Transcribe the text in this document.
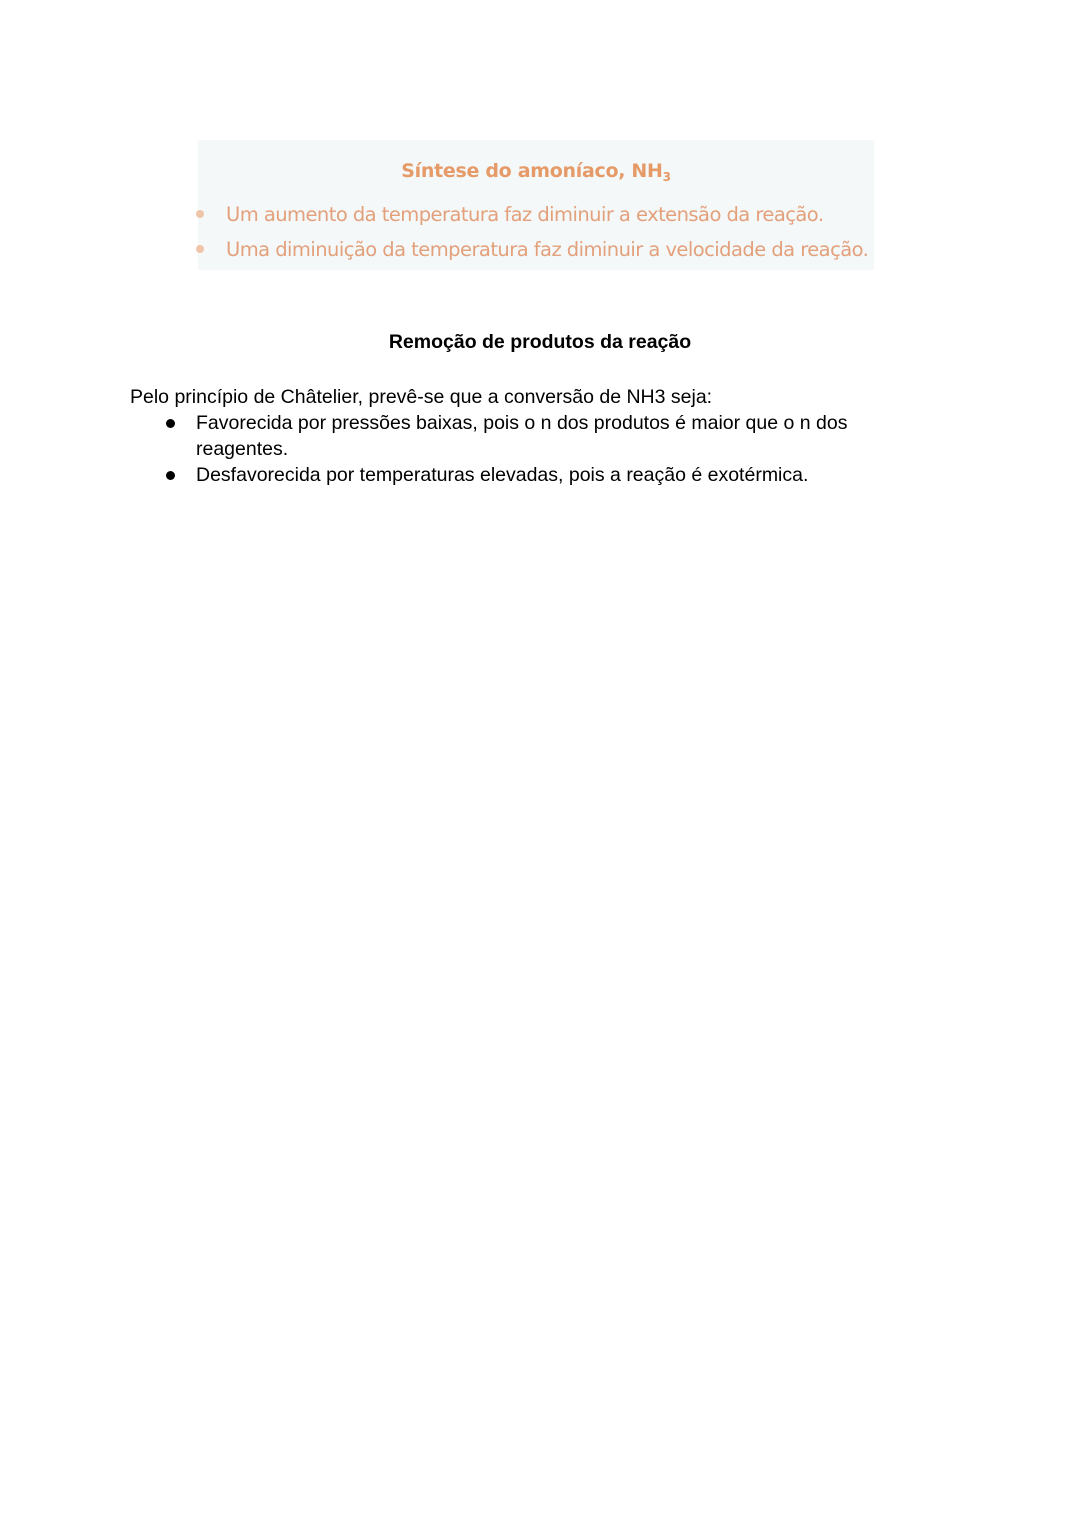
Síntese do amoníaco, $NH_3$
Um aumento da temperatura faz diminuir a extensão da reação.
Uma diminuição da temperatura faz diminuir a velocidade da reação.
Remoção de produtos da reação
Pelo princípio de Châtelier, prevê-se que a conversão de NH3 seja:
Favorecida por pressões baixas, pois o n dos produtos é maior que o n dos reagentes.
Desfavorecida por temperaturas elevadas, pois a reação é exotérmica.
